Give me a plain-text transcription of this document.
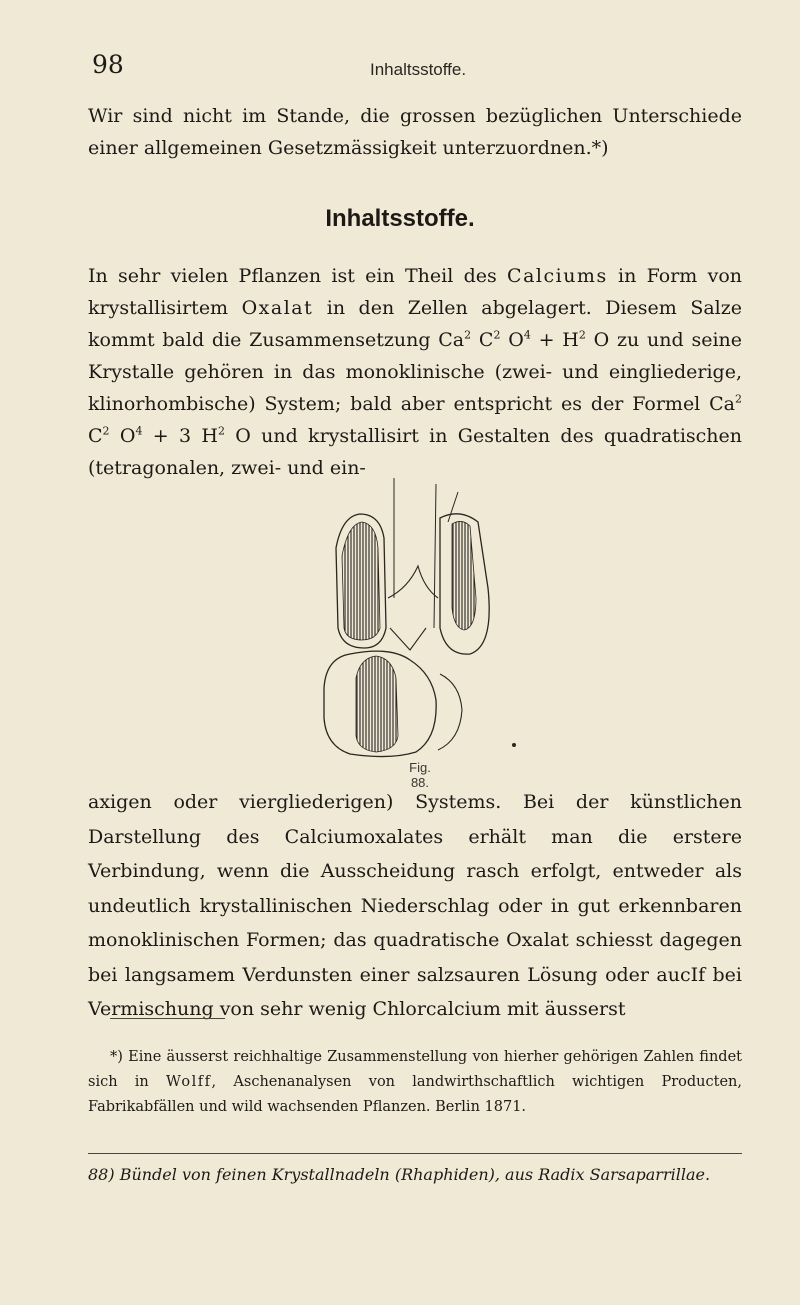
98	Inhaltsstoffe.

Wir sind nicht im Stande, die grossen bezüglichen Unterschiede einer allgemeinen Gesetzmässigkeit unterzuordnen.*)

Inhaltsstoffe.

In sehr vielen Pflanzen ist ein Theil des Calciums in Form von krystallisirtem Oxalat in den Zellen abgelagert. Diesem Salze kommt bald die Zusammensetzung Ca$^2$ $C^2$ $O^4 + H^2$ O zu und seine Krystalle gehören in das monoklinische (zwei- und eingliederige, klinorhombische) System; bald aber entspricht es der Formel Ca$^2$ $C^2$ $O^4 + 3$ $H^2$ O und krystallisirt in Gestalten des quadratischen (tetragonalen, zwei- und ein-

Fig. 88.

axigen oder viergliederigen) Systems. Bei der künstlichen Darstellung des Calciumoxalates erhält man die erstere Verbindung, wenn die Ausscheidung rasch erfolgt, entweder als undeutlich krystallinischen Niederschlag oder in gut erkennbaren monoklinischen Formen; das quadratische Oxalat schiesst dagegen bei langsamem Verdunsten einer salzsauren Lösung oder aucIf bei Vermischung von sehr wenig Chlorcalcium mit äusserst

*) Eine äusserst reichhaltige Zusammenstellung von hierher gehörigen Zahlen findet sich in Wolff, Aschenanalysen von landwirthschaftlich wichtigen Producten, Fabrikabfällen und wild wachsenden Pflanzen. Berlin 1871.

88) Bündel von feinen Krystallnadeln (Rhaphiden), aus Radix Sarsaparrillae.
